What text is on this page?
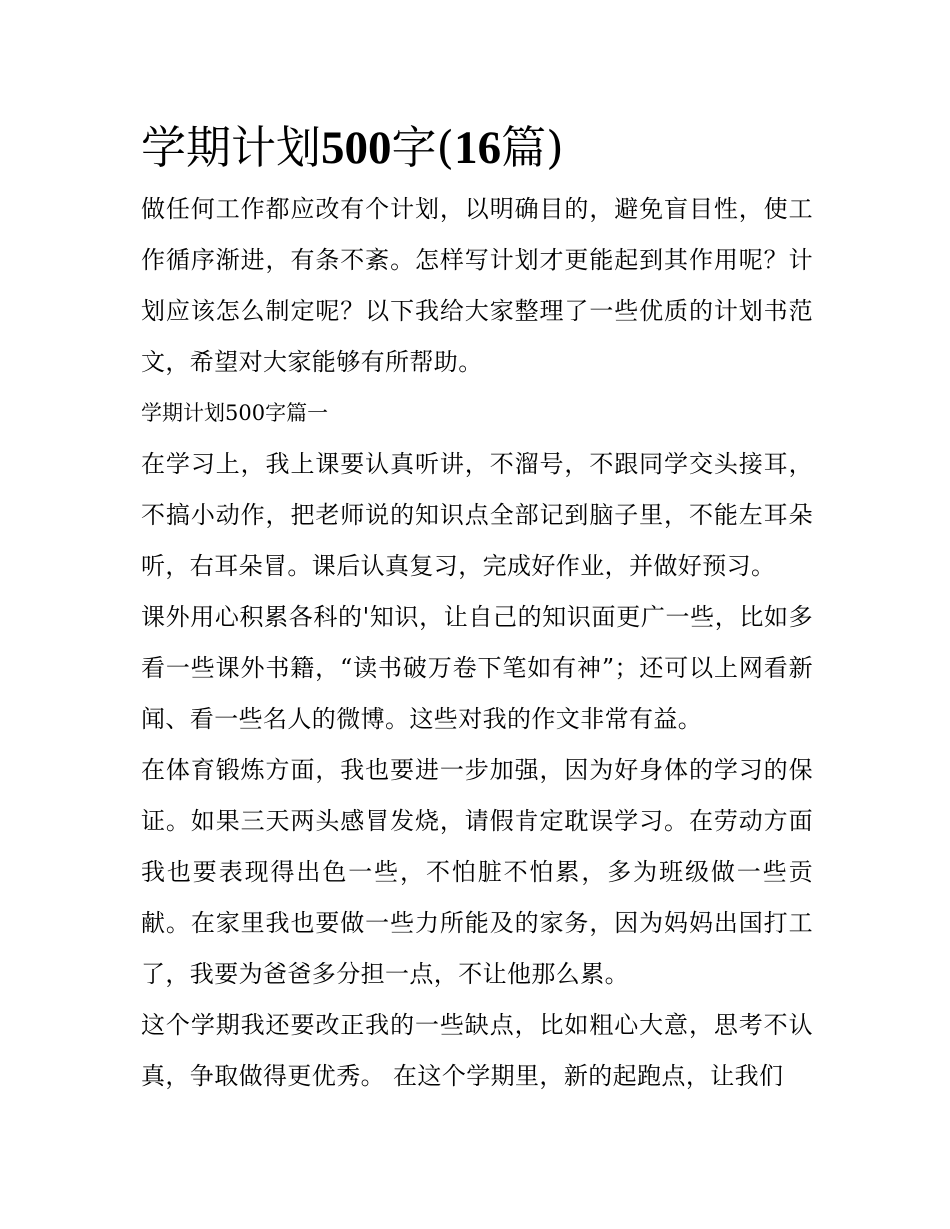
学期计划500字(16篇)

做任何工作都应改有个计划，以明确目的，避免盲目性，使工作循序渐进，有条不紊。怎样写计划才更能起到其作用呢？计划应该怎么制定呢？以下我给大家整理了一些优质的计划书范文，希望对大家能够有所帮助。

学期计划500字篇一

在学习上，我上课要认真听讲，不溜号，不跟同学交头接耳，不搞小动作，把老师说的知识点全部记到脑子里，不能左耳朵听，右耳朵冒。课后认真复习，完成好作业，并做好预习。

课外用心积累各科的'知识，让自己的知识面更广一些，比如多看一些课外书籍，“读书破万卷下笔如有神”；还可以上网看新闻、看一些名人的微博。这些对我的作文非常有益。

在体育锻炼方面，我也要进一步加强，因为好身体的学习的保证。如果三天两头感冒发烧，请假肯定耽误学习。在劳动方面我也要表现得出色一些，不怕脏不怕累，多为班级做一些贡献。在家里我也要做一些力所能及的家务，因为妈妈出国打工了，我要为爸爸多分担一点，不让他那么累。

这个学期我还要改正我的一些缺点，比如粗心大意，思考不认真，争取做得更优秀。 在这个学期里，新的起跑点，让我们
